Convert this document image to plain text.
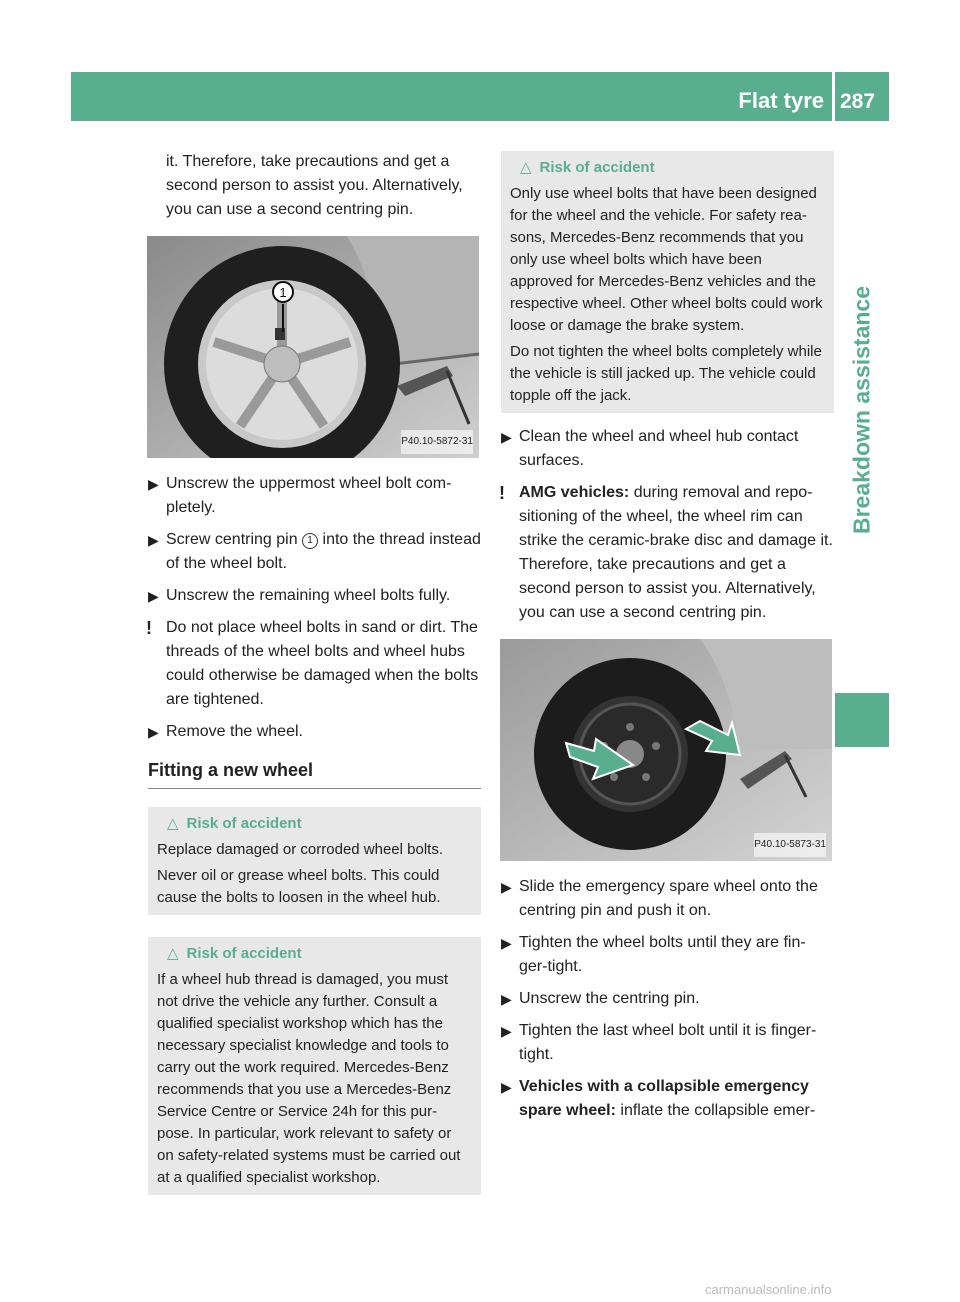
Flat tyre 287
Breakdown assistance

it. Therefore, take precautions and get a second person to assist you. Alternatively, you can use a second centring pin.

1
P40.10-5872-31
▶ Unscrew the uppermost wheel bolt com-pletely.
▶ Screw centring pin 1 into the thread instead of the wheel bolt.
▶ Unscrew the remaining wheel bolts fully.
! Do not place wheel bolts in sand or dirt. The threads of the wheel bolts and wheel hubs could otherwise be damaged when the bolts are tightened.
▶ Remove the wheel.
Fitting a new wheel
△ Risk of accident

Replace damaged or corroded wheel bolts.

Never oil or grease wheel bolts. This could cause the bolts to loosen in the wheel hub.

△ Risk of accident

If a wheel hub thread is damaged, you must not drive the vehicle any further. Consult a qualified specialist workshop which has the necessary specialist knowledge and tools to carry out the work required. Mercedes-Benz recommends that you use a Mercedes-Benz Service Centre or Service 24h for this pur-pose. In particular, work relevant to safety or on safety-related systems must be carried out at a qualified specialist workshop.

△ Risk of accident

Only use wheel bolts that have been designed for the wheel and the vehicle. For safety rea-sons, Mercedes-Benz recommends that you only use wheel bolts which have been approved for Mercedes-Benz vehicles and the respective wheel. Other wheel bolts could work loose or damage the brake system.

Do not tighten the wheel bolts completely while the vehicle is still jacked up. The vehicle could topple off the jack.

▶ Clean the wheel and wheel hub contact surfaces.
! AMG vehicles: during removal and repo-sitioning of the wheel, the wheel rim can strike the ceramic-brake disc and damage it. Therefore, take precautions and get a second person to assist you. Alternatively, you can use a second centring pin.
P40.10-5873-31
▶ Slide the emergency spare wheel onto the centring pin and push it on.
▶ Tighten the wheel bolts until they are fin-ger-tight.
▶ Unscrew the centring pin.
▶ Tighten the last wheel bolt until it is finger-tight.
▶ Vehicles with a collapsible emergency spare wheel: inflate the collapsible emer-
carmanualsonline.info
